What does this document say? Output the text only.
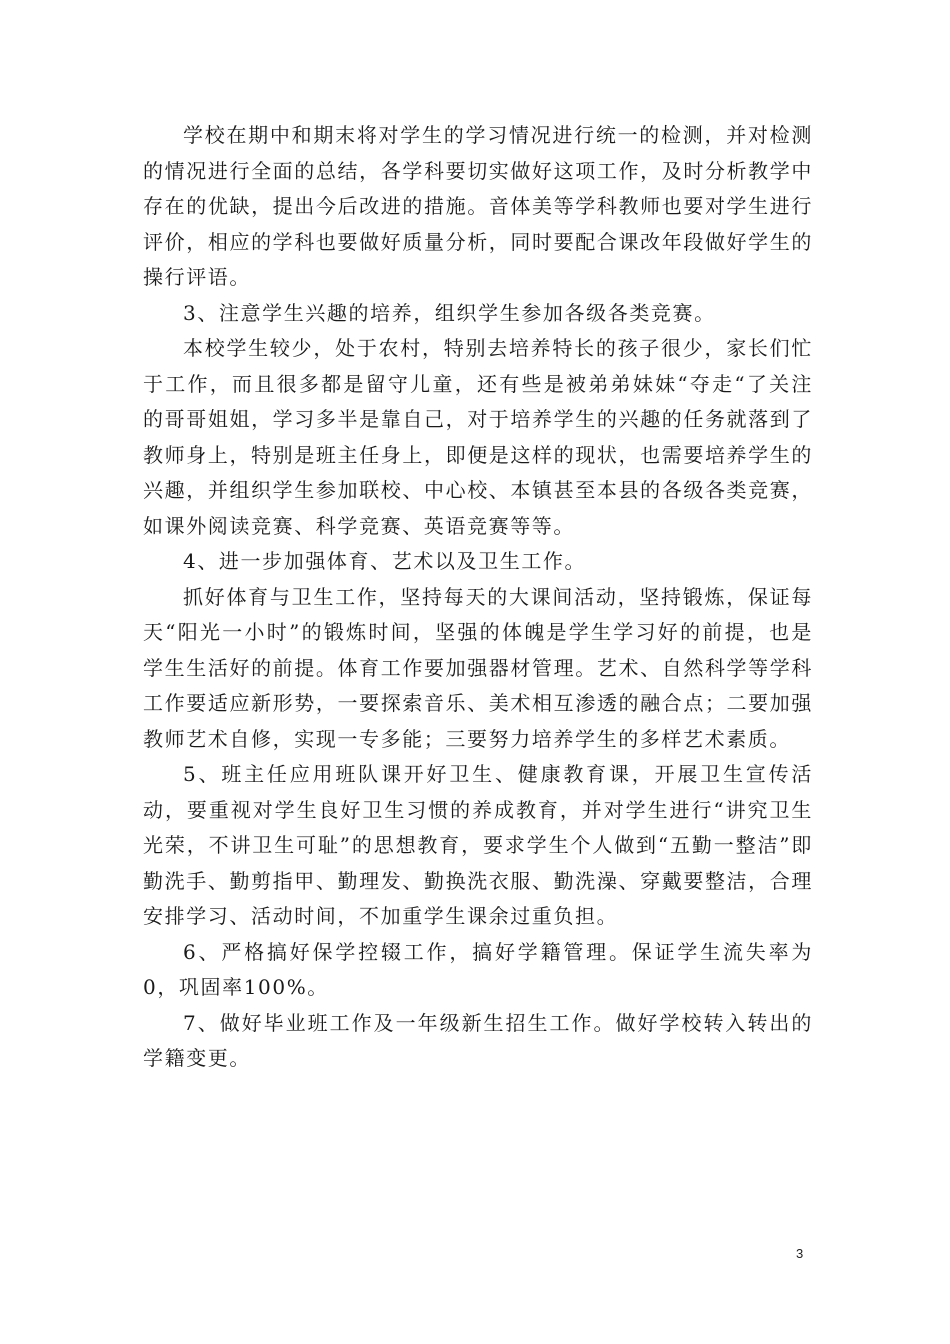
学校在期中和期末将对学生的学习情况进行统一的检测，并对检测的情况进行全面的总结，各学科要切实做好这项工作，及时分析教学中存在的优缺，提出今后改进的措施。音体美等学科教师也要对学生进行评价，相应的学科也要做好质量分析，同时要配合课改年段做好学生的操行评语。

3、注意学生兴趣的培养，组织学生参加各级各类竞赛。

本校学生较少，处于农村，特别去培养特长的孩子很少，家长们忙于工作，而且很多都是留守儿童，还有些是被弟弟妹妹“夺走“了关注的哥哥姐姐，学习多半是靠自己，对于培养学生的兴趣的任务就落到了教师身上，特别是班主任身上，即便是这样的现状，也需要培养学生的兴趣，并组织学生参加联校、中心校、本镇甚至本县的各级各类竞赛，如课外阅读竞赛、科学竞赛、英语竞赛等等。

4、进一步加强体育、艺术以及卫生工作。

抓好体育与卫生工作，坚持每天的大课间活动，坚持锻炼，保证每天“阳光一小时”的锻炼时间，坚强的体魄是学生学习好的前提，也是学生生活好的前提。体育工作要加强器材管理。艺术、自然科学等学科工作要适应新形势，一要探索音乐、美术相互渗透的融合点；二要加强教师艺术自修，实现一专多能；三要努力培养学生的多样艺术素质。

5、班主任应用班队课开好卫生、健康教育课，开展卫生宣传活动，要重视对学生良好卫生习惯的养成教育，并对学生进行“讲究卫生光荣，不讲卫生可耻”的思想教育，要求学生个人做到“五勤一整洁”即勤洗手、勤剪指甲、勤理发、勤换洗衣服、勤洗澡、穿戴要整洁，合理安排学习、活动时间，不加重学生课余过重负担。

6、严格搞好保学控辍工作，搞好学籍管理。保证学生流失率为0，巩固率100%。

7、做好毕业班工作及一年级新生招生工作。做好学校转入转出的学籍变更。

3
